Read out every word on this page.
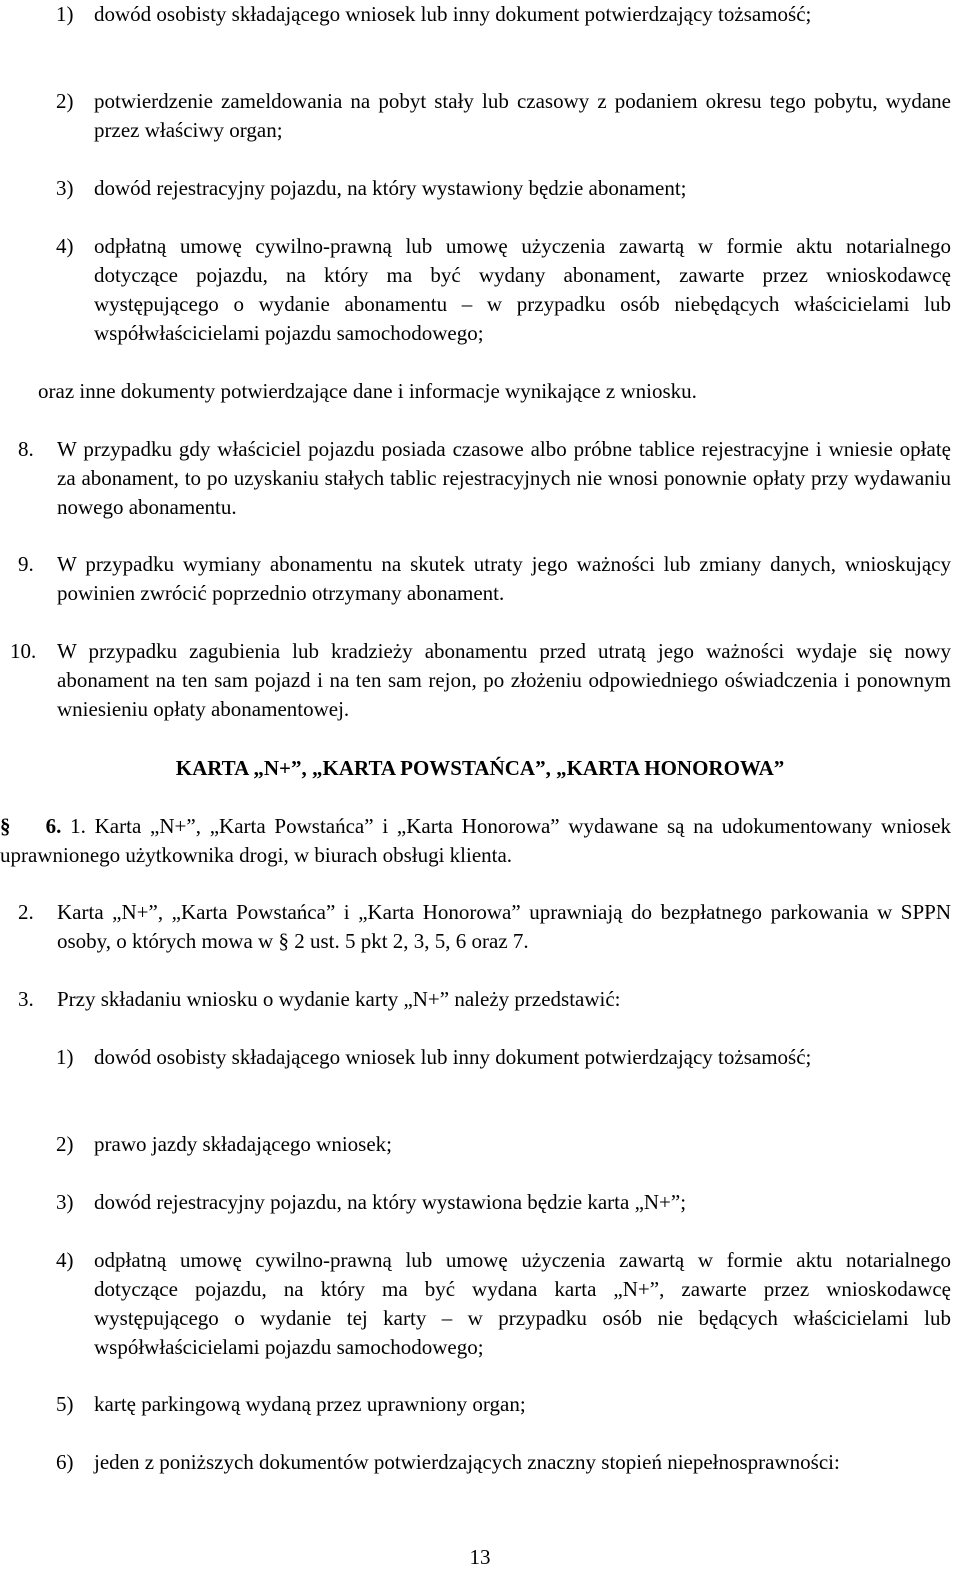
1) dowód osobisty składającego wniosek lub inny dokument potwierdzający tożsamość;

2) potwierdzenie zameldowania na pobyt stały lub czasowy z podaniem okresu tego pobytu, wydane przez właściwy organ;

3) dowód rejestracyjny pojazdu, na który wystawiony będzie abonament;

4) odpłatną umowę cywilno-prawną lub umowę użyczenia zawartą w formie aktu notarialnego dotyczące pojazdu, na który ma być wydany abonament, zawarte przez wnioskodawcę występującego o wydanie abonamentu – w przypadku osób niebędących właścicielami lub współwłaścicielami pojazdu samochodowego;

oraz inne dokumenty potwierdzające dane i informacje wynikające z wniosku.

8. W przypadku gdy właściciel pojazdu posiada czasowe albo próbne tablice rejestracyjne i wniesie opłatę za abonament, to po uzyskaniu stałych tablic rejestracyjnych nie wnosi ponownie opłaty przy wydawaniu nowego abonamentu.

9. W przypadku wymiany abonamentu na skutek utraty jego ważności lub zmiany danych, wnioskujący powinien zwrócić poprzednio otrzymany abonament.

10. W przypadku zagubienia lub kradzieży abonamentu przed utratą jego ważności wydaje się nowy abonament na ten sam pojazd i na ten sam rejon, po złożeniu odpowiedniego oświadczenia i ponownym wniesieniu opłaty abonamentowej.

KARTA „N+”, „KARTA POWSTAŃCA”, „KARTA HONOROWA”

§ 6. 1. Karta „N+”, „Karta Powstańca” i „Karta Honorowa” wydawane są na udokumentowany wniosek uprawnionego użytkownika drogi, w biurach obsługi klienta.

2. Karta „N+”, „Karta Powstańca” i „Karta Honorowa” uprawniają do bezpłatnego parkowania w SPPN osoby, o których mowa w § 2 ust. 5 pkt 2, 3, 5, 6 oraz 7.

3. Przy składaniu wniosku o wydanie karty „N+” należy przedstawić:

1) dowód osobisty składającego wniosek lub inny dokument potwierdzający tożsamość;

2) prawo jazdy składającego wniosek;

3) dowód rejestracyjny pojazdu, na który wystawiona będzie karta „N+”;

4) odpłatną umowę cywilno-prawną lub umowę użyczenia zawartą w formie aktu notarialnego dotyczące pojazdu, na który ma być wydana karta „N+”, zawarte przez wnioskodawcę występującego o wydanie tej karty – w przypadku osób nie będących właścicielami lub współwłaścicielami pojazdu samochodowego;

5) kartę parkingową wydaną przez uprawniony organ;

6) jeden z poniższych dokumentów potwierdzających znaczny stopień niepełnosprawności:

13
